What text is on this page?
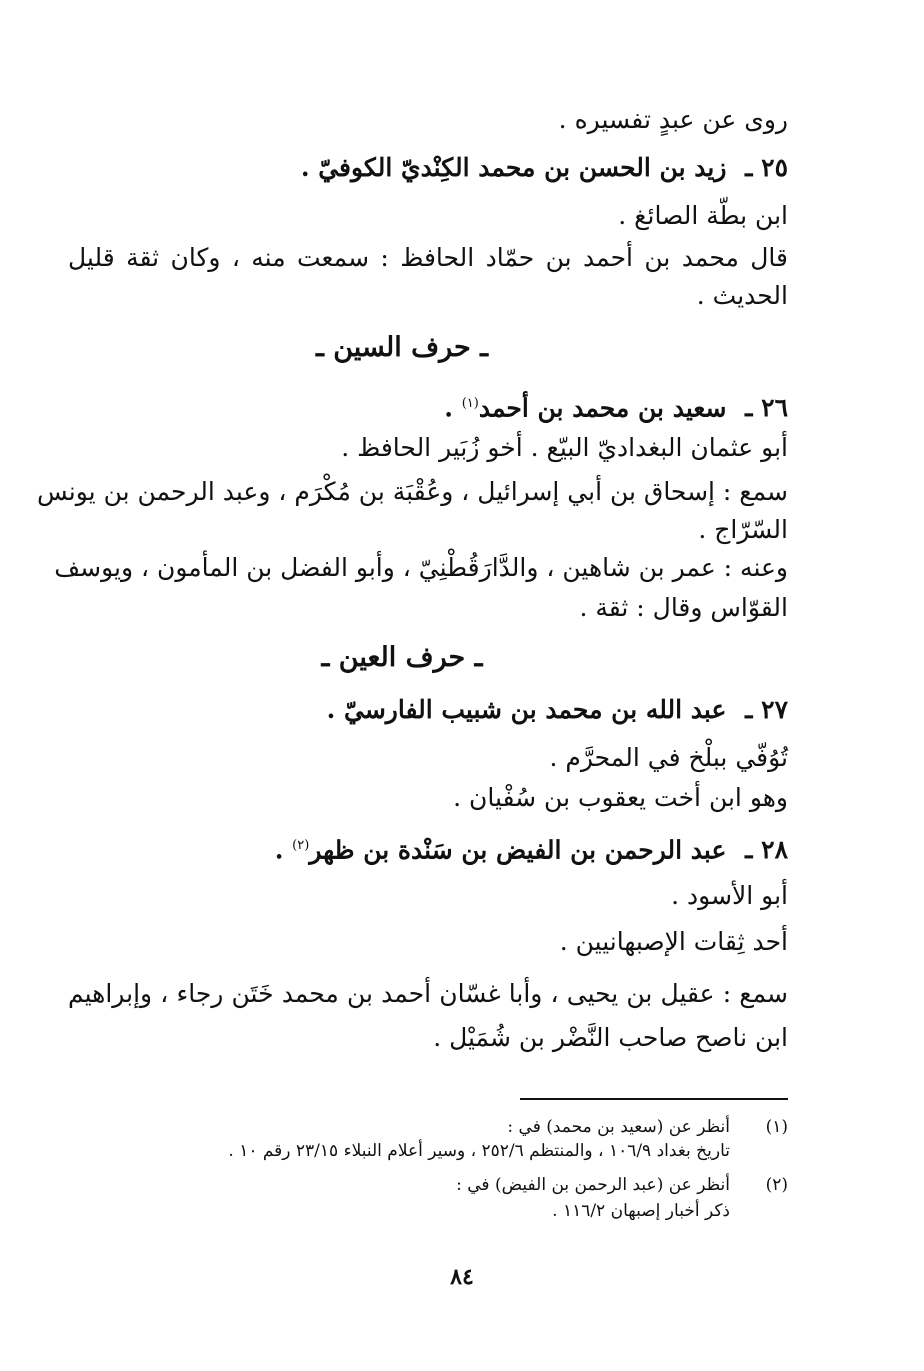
روى عن عبدٍ تفسيره .
٢٥ ـ زيد بن الحسن بن محمد الكِنْديّ الكوفيّ .
ابن بطّة الصائغ .
قال محمد بن أحمد بن حمّاد الحافظ : سمعت منه ، وكان ثقة قليل
الحديث .
ـ حرف السين ـ
٢٦ ـ سعيد بن محمد بن أحمد$^{(١)}$ .
أبو عثمان البغداديّ البيّع . أخو زُبَير الحافظ .
سمع : إسحاق بن أبي إسرائيل ، وعُقْبَة بن مُكْرَم ، وعبد الرحمن بن يونس
السّرّاج .
وعنه : عمر بن شاهين ، والدَّارَقُطْنِيّ ، وأبو الفضل بن المأمون ، ويوسف
القوّاس وقال : ثقة .
ـ حرف العين ـ
٢٧ ـ عبد الله بن محمد بن شبيب الفارسيّ .
تُوُفّي ببلْخ في المحرَّم .
وهو ابن أخت يعقوب بن سُفْيان .
٢٨ ـ عبد الرحمن بن الفيض بن سَنْدة بن ظهر$^{(٢)}$ .
أبو الأسود .
أحد ثِقات الإصبهانيين .
سمع : عقيل بن يحيى ، وأبا غسّان أحمد بن محمد خَتَن رجاء ، وإبراهيم
ابن ناصح صاحب النَّضْر بن شُمَيْل .
(١)أنظر عن (سعيد بن محمد) في :
تاريخ بغداد ١٠٦/٩ ، والمنتظم ٢٥٢/٦ ، وسير أعلام النبلاء ٢٣/١٥ رقم ١٠ .
(٢)أنظر عن (عبد الرحمن بن الفيض) في :
ذكر أخبار إصبهان ١١٦/٢ .
٨٤
